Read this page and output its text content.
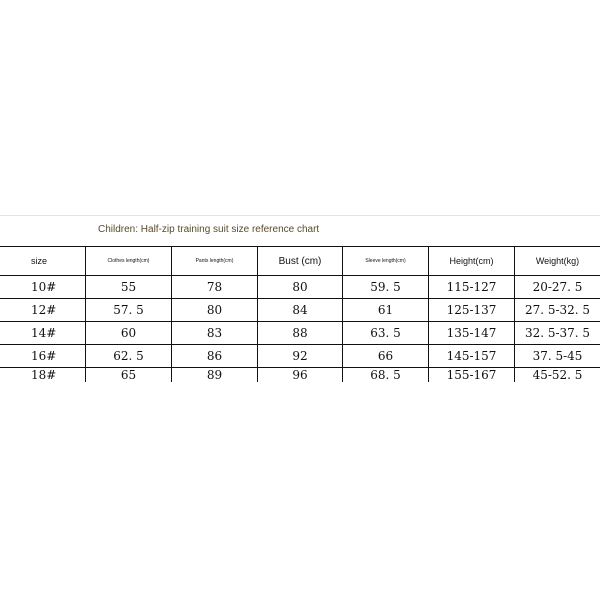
Children: Half-zip training suit size reference chart
size	Clothes length(cm)	Pants length(cm)	Bust (cm)	Sleeve length(cm)	Height(cm)	Weight(kg)
10#	55	78	80	59. 5	115-127	20-27. 5
12#	57. 5	80	84	61	125-137	27. 5-32. 5
14#	60	83	88	63. 5	135-147	32. 5-37. 5
16#	62. 5	86	92	66	145-157	37. 5-45
18#	65	89	96	68. 5	155-167	45-52. 5
